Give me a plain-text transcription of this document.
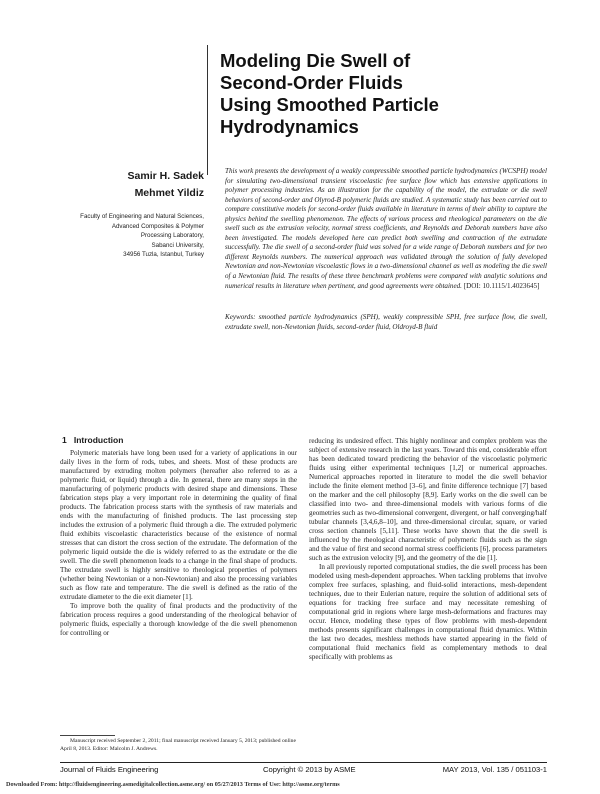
Modeling Die Swell of
Second-Order Fluids
Using Smoothed Particle
Hydrodynamics
Samir H. Sadek
Mehmet Yildiz
Faculty of Engineering and Natural Sciences,
Advanced Composites & Polymer
Processing Laboratory,
Sabanci University,
34956 Tuzla, Istanbul, Turkey
This work presents the development of a weakly compressible smoothed particle hydrodynamics (WCSPH) model for simulating two-dimensional transient viscoelastic free surface flow which has extensive applications in polymer processing industries. As an illustration for the capability of the model, the extrudate or die swell behaviors of second-order and Olyrod-B polymeric fluids are studied. A systematic study has been carried out to compare constitutive models for second-order fluids available in literature in terms of their ability to capture the physics behind the swelling phenomenon. The effects of various process and rheological parameters on the die swell such as the extrusion velocity, normal stress coefficients, and Reynolds and Deborah numbers have also been investigated. The models developed here can predict both swelling and contraction of the extrudate successfully. The die swell of a second-order fluid was solved for a wide range of Deborah numbers and for two different Reynolds numbers. The numerical approach was validated through the solution of fully developed Newtonian and non-Newtonian viscoelastic flows in a two-dimensional channel as well as modeling the die swell of a Newtonian fluid. The results of these three benchmark problems were compared with analytic solutions and numerical results in literature when pertinent, and good agreements were obtained. [DOI: 10.1115/1.4023645]
Keywords: smoothed particle hydrodynamics (SPH), weakly compressible SPH, free surface flow, die swell, extrudate swell, non-Newtonian fluids, second-order fluid, Oldroyd-B fluid
1 Introduction

Polymeric materials have long been used for a variety of applications in our daily lives in the form of rods, tubes, and sheets. Most of these products are manufactured by extruding molten polymers (hereafter also referred to as a polymeric fluid, or liquid) through a die. In general, there are many steps in the manufacturing of polymeric products with desired shape and dimensions. These fabrication steps play a very important role in determining the quality of final products. The fabrication process starts with the synthesis of raw materials and ends with the manufacturing of finished products. The last processing step includes the extrusion of a polymeric fluid through a die. The extruded polymeric fluid exhibits viscoelastic characteristics because of the existence of normal stresses that can distort the cross section of the extrudate. The deformation of the polymeric liquid outside the die is widely referred to as the extrudate or the die swell. The die swell phenomenon leads to a change in the final shape of products. The extrudate swell is highly sensitive to rheological properties of polymers (whether being Newtonian or a non-Newtonian) and also the processing variables such as flow rate and temperature. The die swell is defined as the ratio of the extrudate diameter to the die exit diameter [1].

To improve both the quality of final products and the productivity of the fabrication process requires a good understanding of the rheological behavior of polymeric fluids, especially a thorough knowledge of the die swell phenomenon for controlling or

reducing its undesired effect. This highly nonlinear and complex problem was the subject of extensive research in the last years. Toward this end, considerable effort has been dedicated toward predicting the behavior of the viscoelastic polymeric fluids using either experimental techniques [1,2] or numerical approaches. Numerical approaches reported in literature to model the die swell behavior include the finite element method [3–6], and finite difference technique [7] based on the marker and the cell philosophy [8,9]. Early works on the die swell can be classified into two- and three-dimensional models with various forms of die geometries such as two-dimensional convergent, divergent, or half converging/half tubular channels [3,4,6,8–10], and three-dimensional circular, square, or varied cross section channels [5,11]. These works have shown that the die swell is influenced by the rheological characteristic of polymeric fluids such as the sign and the value of first and second normal stress coefficients [6], process parameters such as the extrusion velocity [9], and the geometry of the die [1].

In all previously reported computational studies, the die swell process has been modeled using mesh-dependent approaches. When tackling problems that involve complex free surfaces, splashing, and fluid-solid interactions, mesh-dependent techniques, due to their Eulerian nature, require the solution of additional sets of equations for tracking free surface and may necessitate remeshing of computational grid in regions where large mesh-deformations and fractures may occur. Hence, modeling these types of flow problems with mesh-dependent methods presents significant challenges in computational fluid dynamics. Within the last two decades, meshless methods have started appearing in the field of computational fluid mechanics field as complementary methods to deal specifically with problems as

Manuscript received September 2, 2011; final manuscript received January 5, 2013; published online April 8, 2013. Editor: Malcolm J. Andrews.
Journal of Fluids Engineering	Copyright © 2013 by ASME	MAY 2013, Vol. 135 / 051103-1
Downloaded From: http://fluidsengineering.asmedigitalcollection.asme.org/ on 05/27/2013 Terms of Use: http://asme.org/terms
